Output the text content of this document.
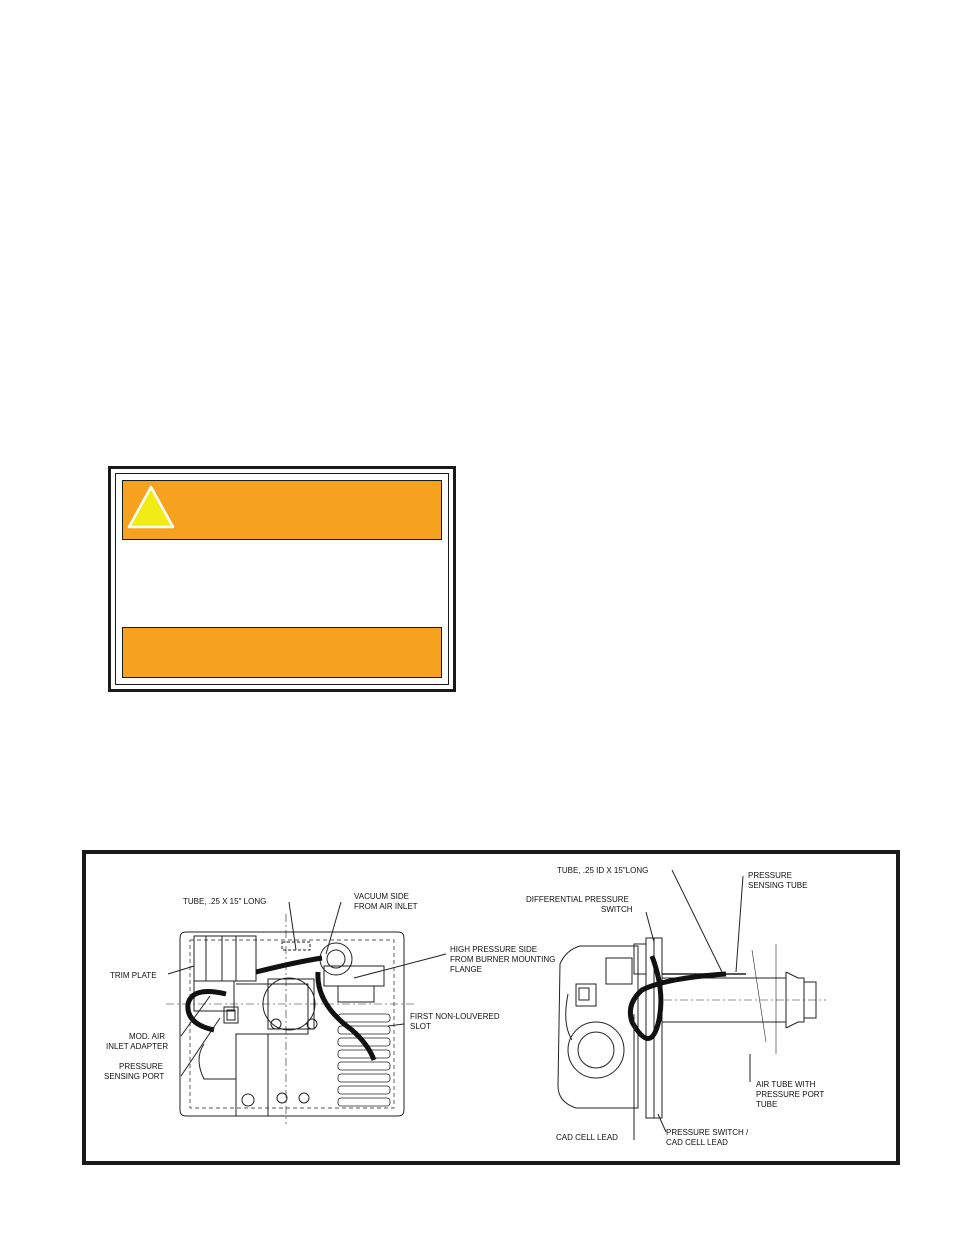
TUBE, .25 X 15" LONG
VACUUM SIDE
FROM AIR INLET
HIGH PRESSURE SIDE
FROM BURNER MOUNTING
FLANGE
TRIM PLATE
FIRST NON-LOUVERED
SLOT
MOD. AIR
INLET ADAPTER
PRESSURE
SENSING PORT
TUBE, .25 ID X 15"LONG
PRESSURE
SENSING TUBE
DIFFERENTIAL PRESSURE
SWITCH
AIR TUBE WITH
PRESSURE PORT
TUBE
CAD CELL LEAD
PRESSURE SWITCH /
CAD CELL LEAD
